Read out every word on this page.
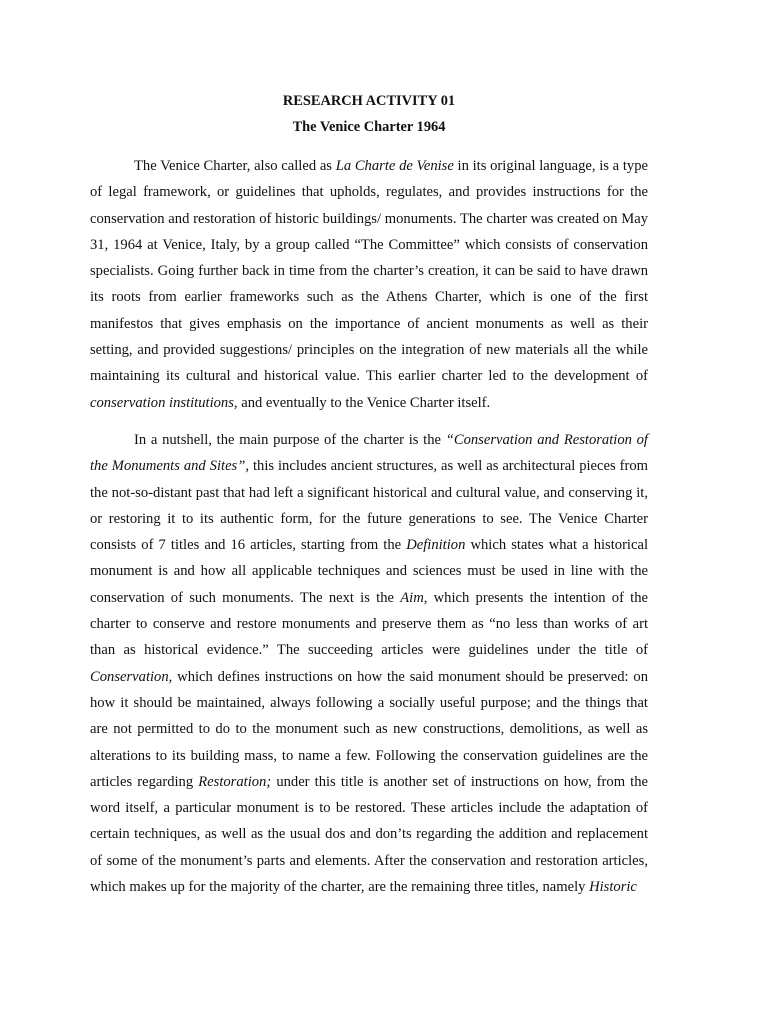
RESEARCH ACTIVITY 01

The Venice Charter 1964

The Venice Charter, also called as La Charte de Venise in its original language, is a type of legal framework, or guidelines that upholds, regulates, and provides instructions for the conservation and restoration of historic buildings/ monuments. The charter was created on May 31, 1964 at Venice, Italy, by a group called “The Committee” which consists of conservation specialists. Going further back in time from the charter’s creation, it can be said to have drawn its roots from earlier frameworks such as the Athens Charter, which is one of the first manifestos that gives emphasis on the importance of ancient monuments as well as their setting, and provided suggestions/ principles on the integration of new materials all the while maintaining its cultural and historical value. This earlier charter led to the development of conservation institutions, and eventually to the Venice Charter itself.

In a nutshell, the main purpose of the charter is the “Conservation and Restoration of the Monuments and Sites”, this includes ancient structures, as well as architectural pieces from the not-so-distant past that had left a significant historical and cultural value, and conserving it, or restoring it to its authentic form, for the future generations to see. The Venice Charter consists of 7 titles and 16 articles, starting from the Definition which states what a historical monument is and how all applicable techniques and sciences must be used in line with the conservation of such monuments. The next is the Aim, which presents the intention of the charter to conserve and restore monuments and preserve them as “no less than works of art than as historical evidence.” The succeeding articles were guidelines under the title of Conservation, which defines instructions on how the said monument should be preserved: on how it should be maintained, always following a socially useful purpose; and the things that are not permitted to do to the monument such as new constructions, demolitions, as well as alterations to its building mass, to name a few. Following the conservation guidelines are the articles regarding Restoration; under this title is another set of instructions on how, from the word itself, a particular monument is to be restored. These articles include the adaptation of certain techniques, as well as the usual dos and don’ts regarding the addition and replacement of some of the monument’s parts and elements. After the conservation and restoration articles, which makes up for the majority of the charter, are the remaining three titles, namely Historic
